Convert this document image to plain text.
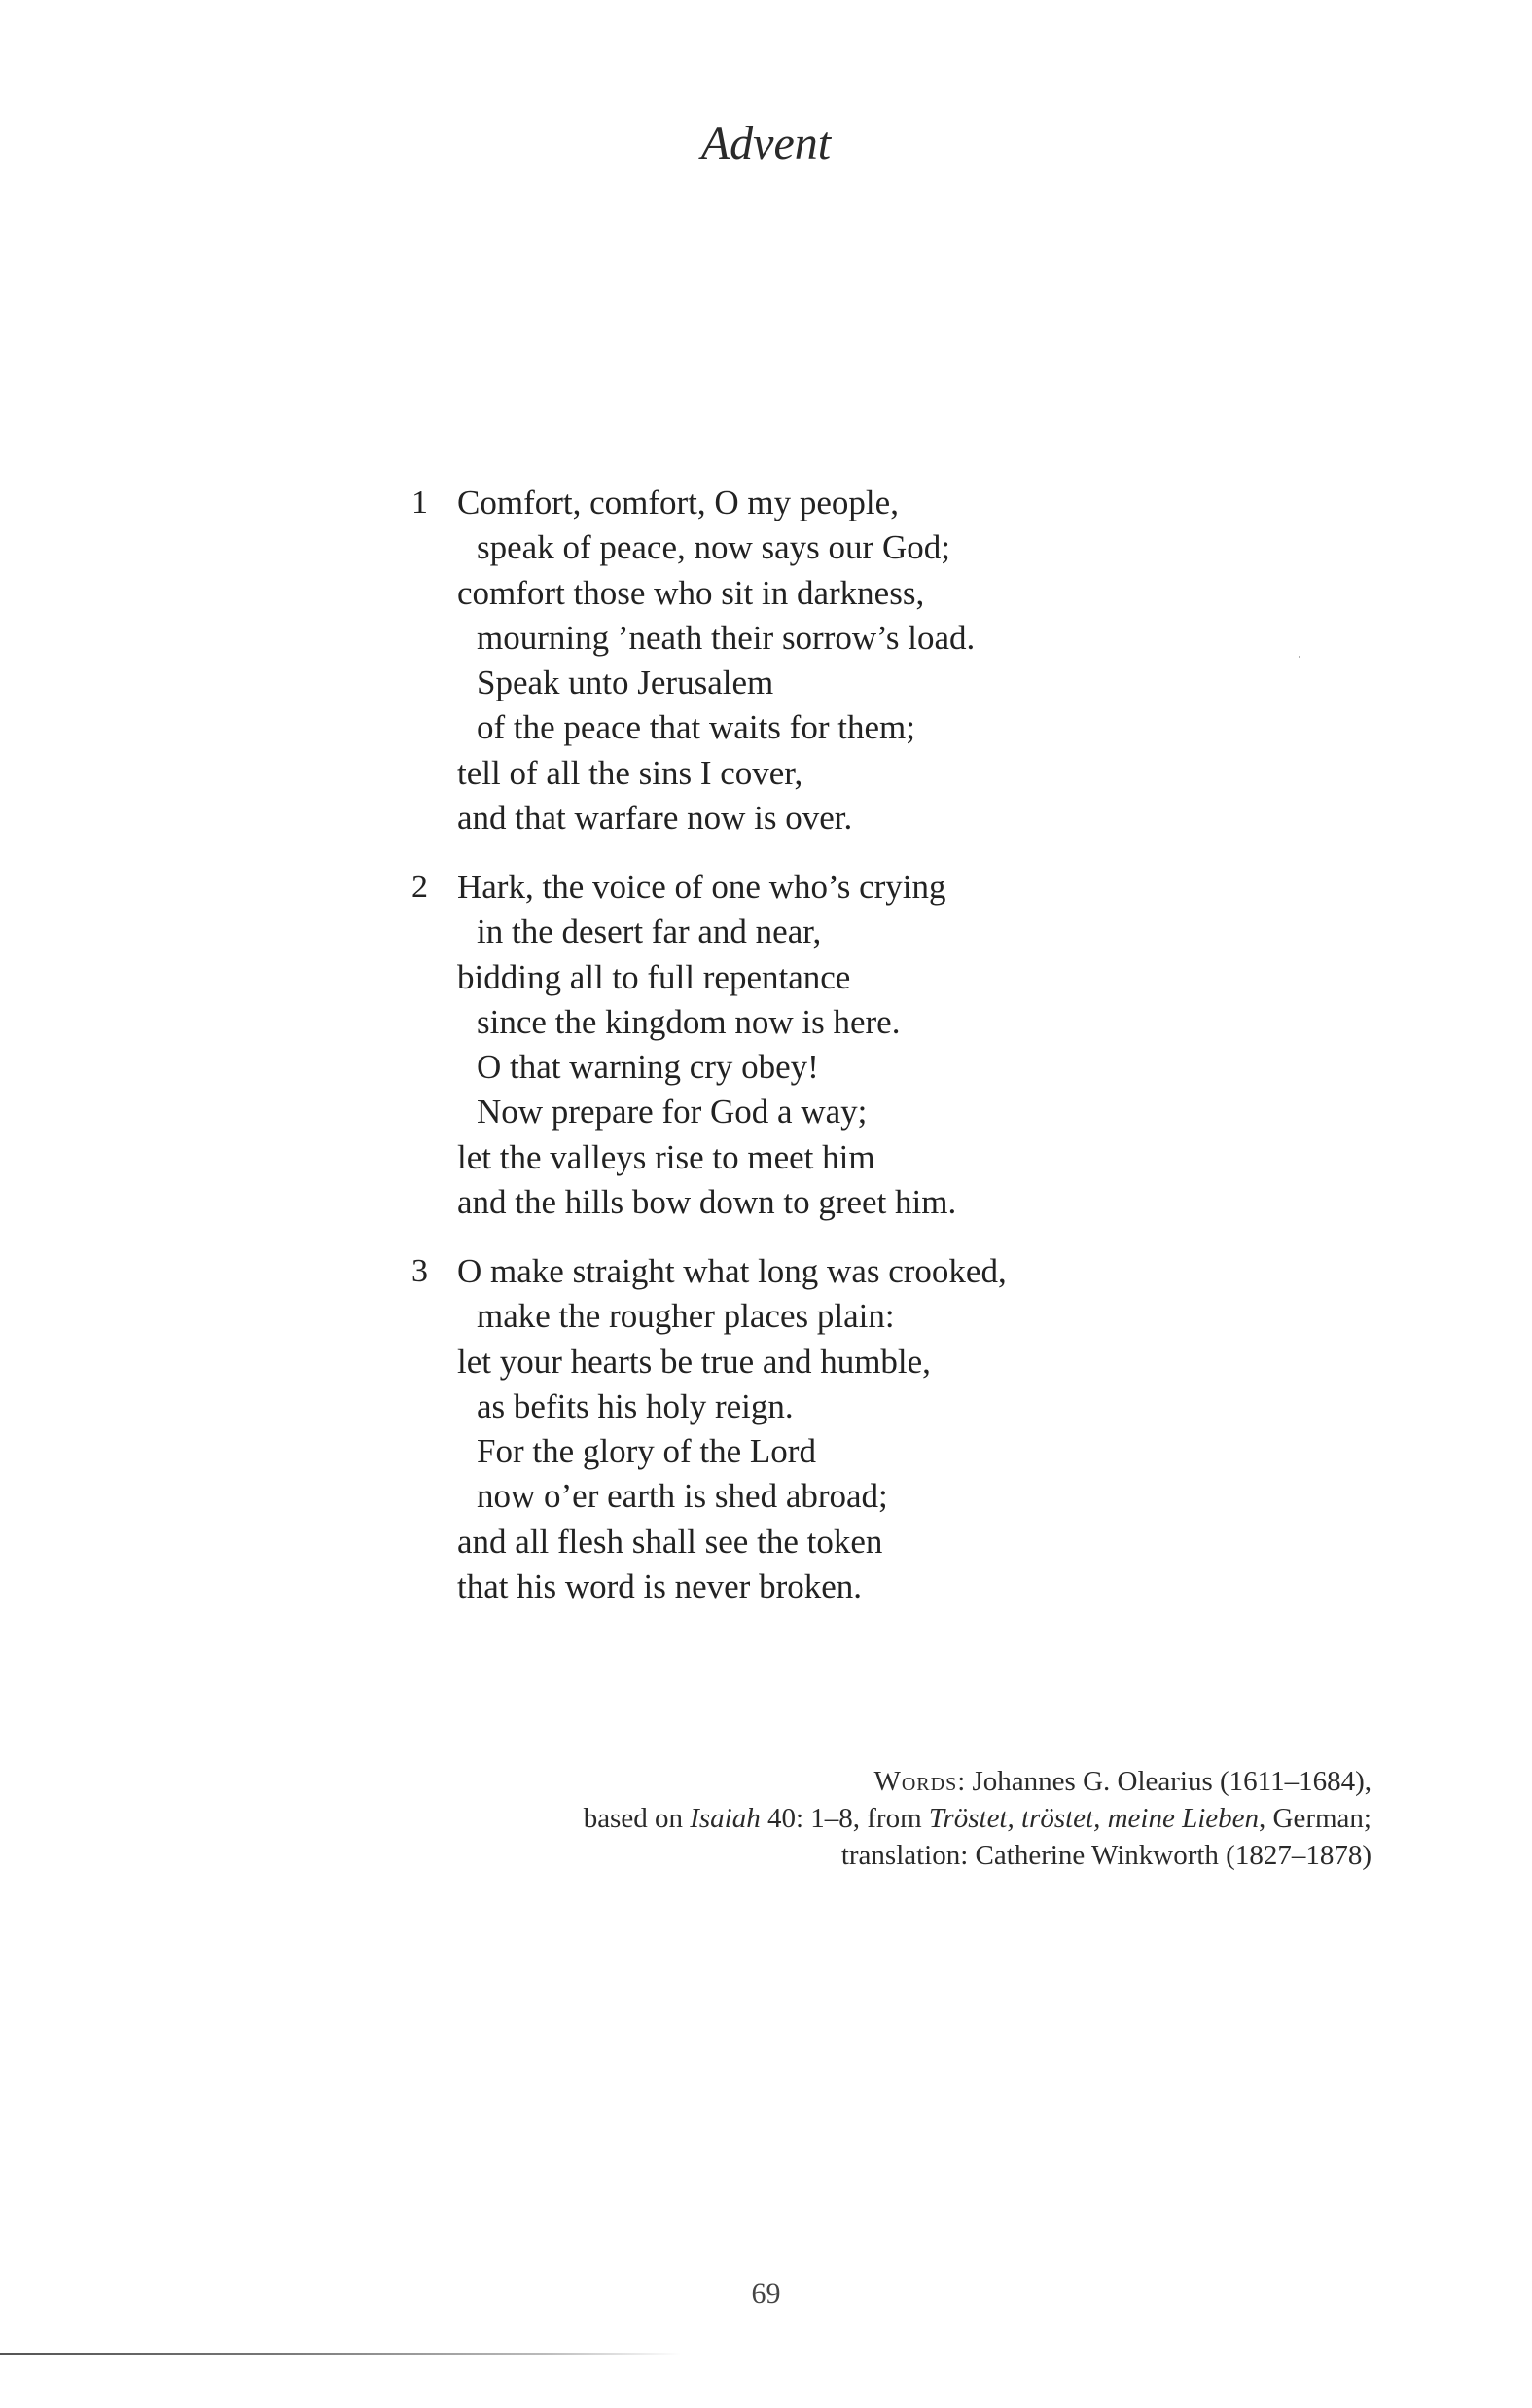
Advent
1 Comfort, comfort, O my people,
speak of peace, now says our God;
comfort those who sit in darkness,
mourning ’neath their sorrow’s load.
Speak unto Jerusalem
of the peace that waits for them;
tell of all the sins I cover,
and that warfare now is over.
2 Hark, the voice of one who’s crying
in the desert far and near,
bidding all to full repentance
since the kingdom now is here.
O that warning cry obey!
Now prepare for God a way;
let the valleys rise to meet him
and the hills bow down to greet him.
3 O make straight what long was crooked,
make the rougher places plain:
let your hearts be true and humble,
as befits his holy reign.
For the glory of the Lord
now o’er earth is shed abroad;
and all flesh shall see the token
that his word is never broken.
Words: Johannes G. Olearius (1611–1684),
based on Isaiah 40: 1–8, from Tröstet, tröstet, meine Lieben, German;
translation: Catherine Winkworth (1827–1878)
69
